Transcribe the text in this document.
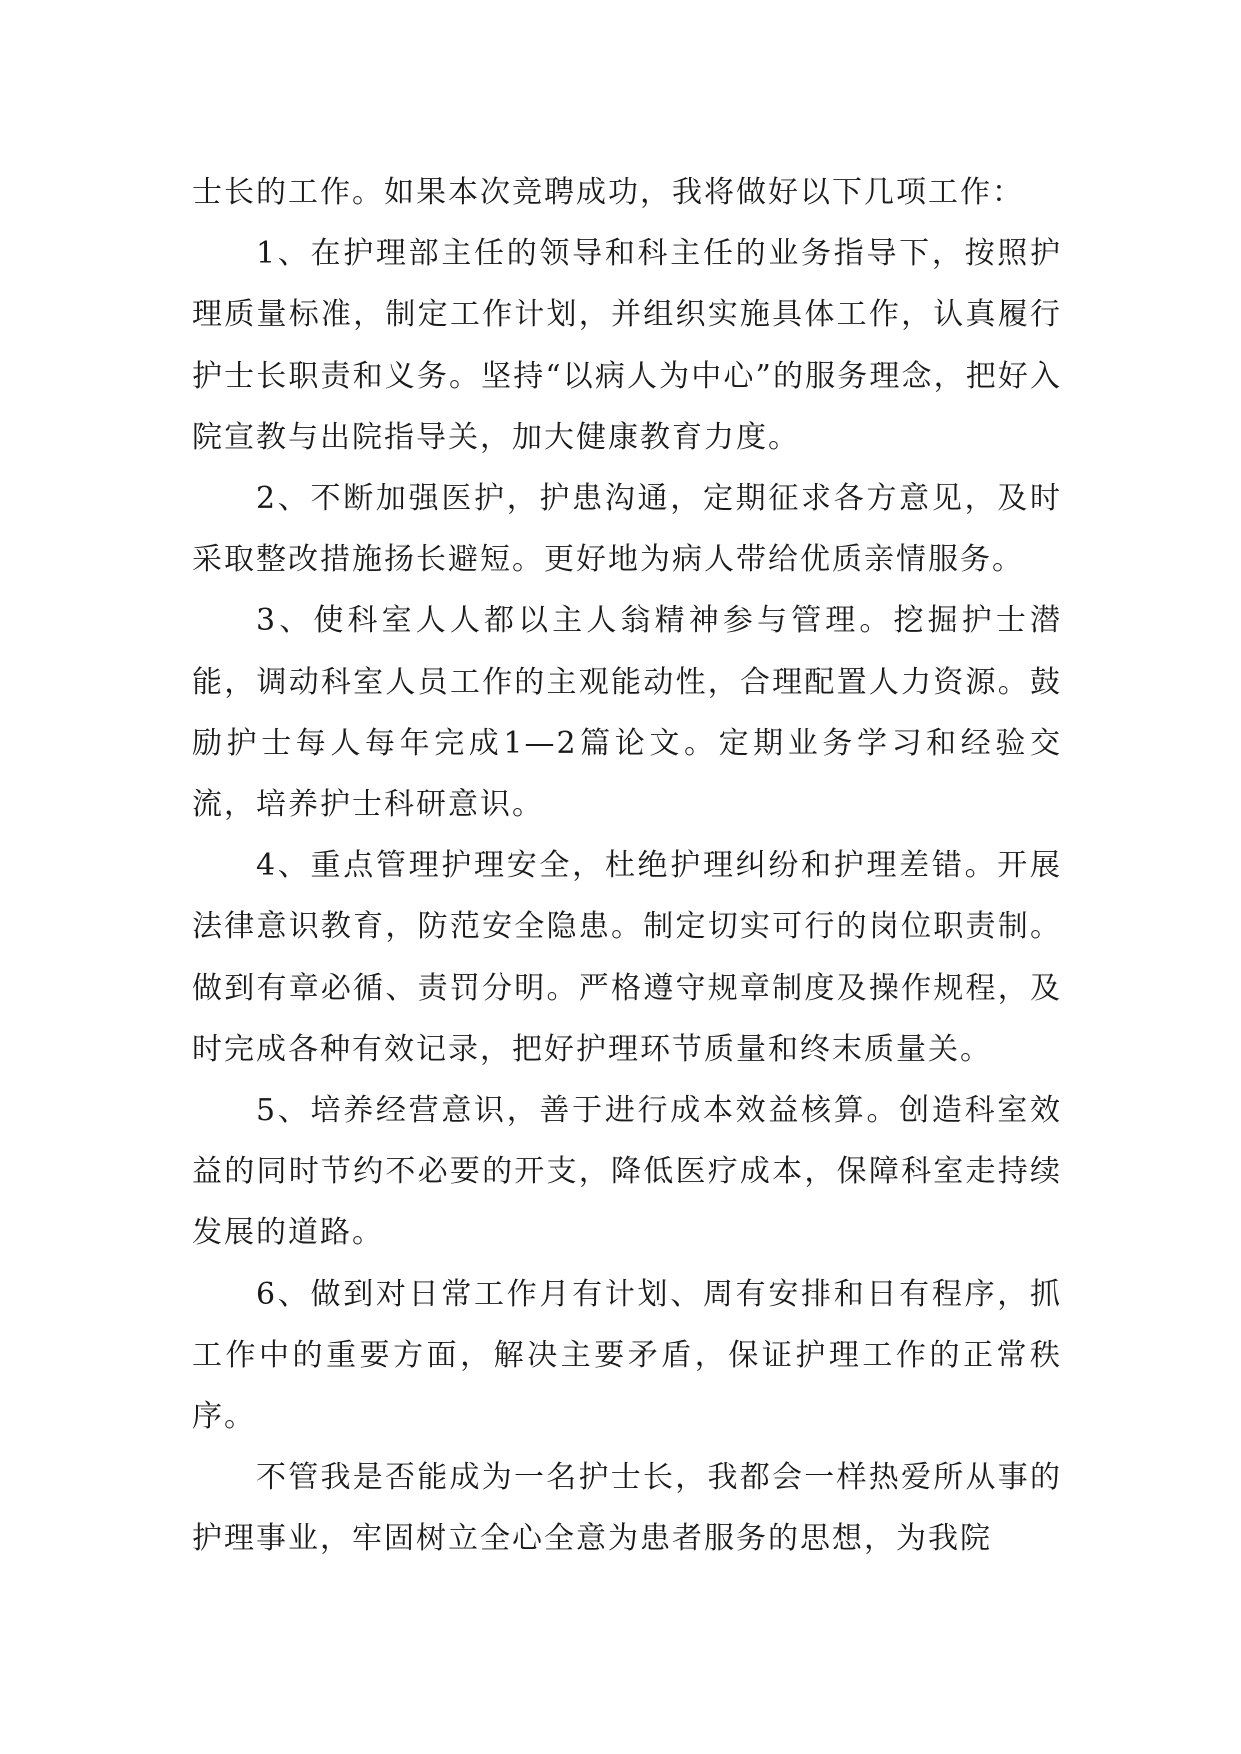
士长的工作。如果本次竞聘成功，我将做好以下几项工作：

1、在护理部主任的领导和科主任的业务指导下，按照护理质量标准，制定工作计划，并组织实施具体工作，认真履行护士长职责和义务。坚持“以病人为中心”的服务理念，把好入院宣教与出院指导关，加大健康教育力度。

2、不断加强医护，护患沟通，定期征求各方意见，及时采取整改措施扬长避短。更好地为病人带给优质亲情服务。

3、使科室人人都以主人翁精神参与管理。挖掘护士潜能，调动科室人员工作的主观能动性，合理配置人力资源。鼓励护士每人每年完成1—2篇论文。定期业务学习和经验交流，培养护士科研意识。

4、重点管理护理安全，杜绝护理纠纷和护理差错。开展法律意识教育，防范安全隐患。制定切实可行的岗位职责制。做到有章必循、责罚分明。严格遵守规章制度及操作规程，及时完成各种有效记录，把好护理环节质量和终末质量关。

5、培养经营意识，善于进行成本效益核算。创造科室效益的同时节约不必要的开支，降低医疗成本，保障科室走持续发展的道路。

6、做到对日常工作月有计划、周有安排和日有程序，抓工作中的重要方面，解决主要矛盾，保证护理工作的正常秩序。

不管我是否能成为一名护士长，我都会一样热爱所从事的护理事业，牢固树立全心全意为患者服务的思想，为我院
